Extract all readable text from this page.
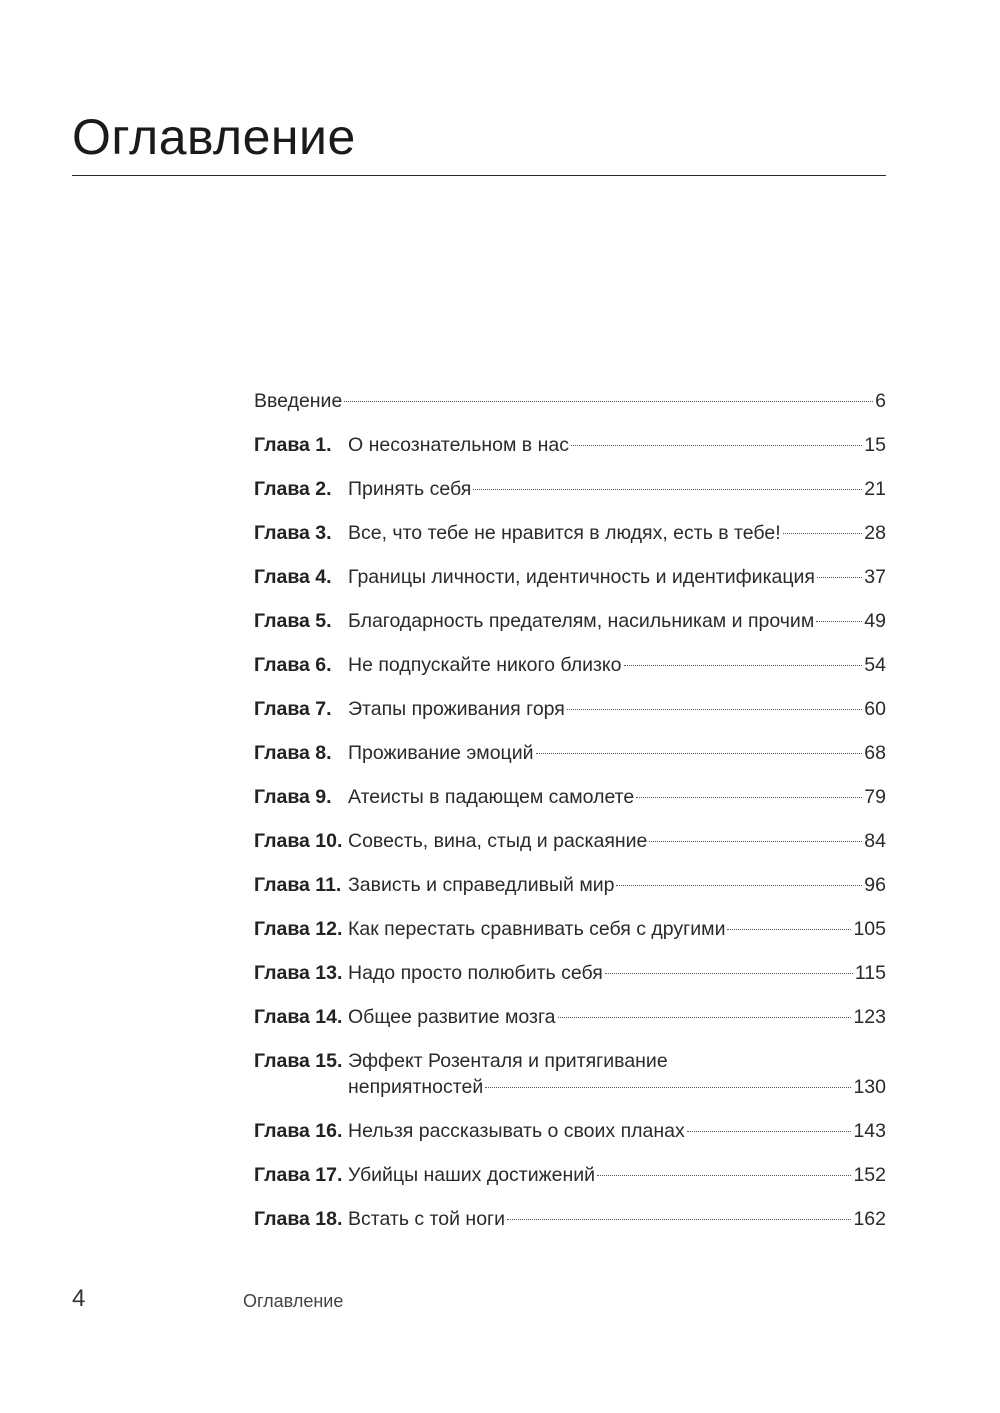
Оглавление
Введение	6
Глава 1. О несознательном в нас	15
Глава 2. Принять себя	21
Глава 3. Все, что тебе не нравится в людях, есть в тебе!	28
Глава 4. Границы личности, идентичность и идентификация	37
Глава 5. Благодарность предателям, насильникам и прочим	49
Глава 6. Не подпускайте никого близко	54
Глава 7. Этапы проживания горя	60
Глава 8. Проживание эмоций	68
Глава 9. Атеисты в падающем самолете	79
Глава 10. Совесть, вина, стыд и раскаяние	84
Глава 11. Зависть и справедливый мир	96
Глава 12. Как перестать сравнивать себя с другими	105
Глава 13. Надо просто полюбить себя	115
Глава 14. Общее развитие мозга	123
Глава 15. Эффект Розенталя и притягивание
неприятностей	130
Глава 16. Нельзя рассказывать о своих планах	143
Глава 17. Убийцы наших достижений	152
Глава 18. Встать с той ноги	162
4	Оглавление
